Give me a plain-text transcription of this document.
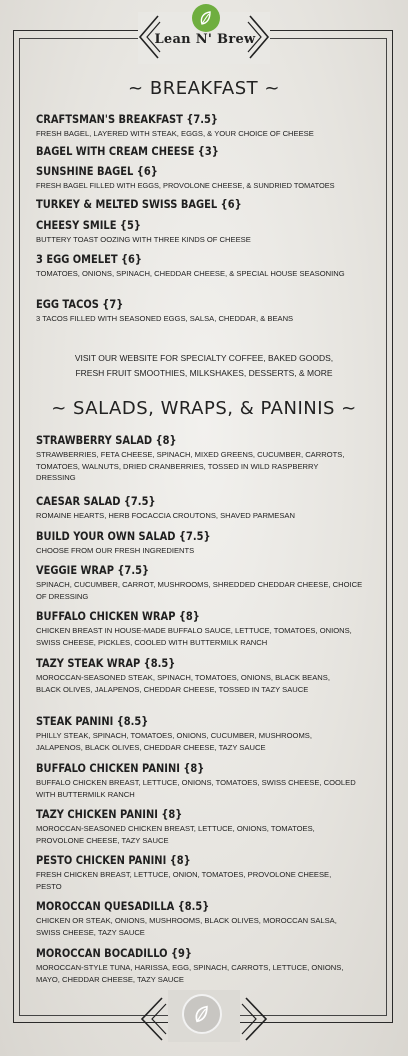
Lean N' Brew
~ BREAKFAST ~
CRAFTSMAN'S BREAKFAST {7.5}
FRESH BAGEL, LAYERED WITH STEAK, EGGS, & YOUR CHOICE OF CHEESE
BAGEL WITH CREAM CHEESE {3}
SUNSHINE BAGEL {6}
FRESH BAGEL FILLED WITH EGGS, PROVOLONE CHEESE, & SUNDRIED TOMATOES
TURKEY & MELTED SWISS BAGEL {6}
CHEESY SMILE {5}
BUTTERY TOAST OOZING WITH THREE KINDS OF CHEESE
3 EGG OMELET {6}
TOMATOES, ONIONS, SPINACH, CHEDDAR CHEESE, & SPECIAL HOUSE SEASONING
EGG TACOS {7}
3 TACOS FILLED WITH SEASONED EGGS, SALSA, CHEDDAR, & BEANS
VISIT OUR WEBSITE FOR SPECIALTY COFFEE, BAKED GOODS,
FRESH FRUIT SMOOTHIES, MILKSHAKES, DESSERTS, & MORE
~ SALADS, WRAPS, & PANINIS ~
STRAWBERRY SALAD {8}
STRAWBERRIES, FETA CHEESE, SPINACH, MIXED GREENS, CUCUMBER, CARROTS, TOMATOES, WALNUTS, DRIED CRANBERRIES, TOSSED IN WILD RASPBERRY DRESSING
CAESAR SALAD {7.5}
ROMAINE HEARTS, HERB FOCACCIA CROUTONS, SHAVED PARMESAN
BUILD YOUR OWN SALAD {7.5}
CHOOSE FROM OUR FRESH INGREDIENTS
VEGGIE WRAP {7.5}
SPINACH, CUCUMBER, CARROT, MUSHROOMS, SHREDDED CHEDDAR CHEESE, CHOICE OF DRESSING
BUFFALO CHICKEN WRAP {8}
CHICKEN BREAST IN HOUSE-MADE BUFFALO SAUCE, LETTUCE, TOMATOES, ONIONS, SWISS CHEESE, PICKLES, COOLED WITH BUTTERMILK RANCH
TAZY STEAK WRAP {8.5}
MOROCCAN-SEASONED STEAK, SPINACH, TOMATOES, ONIONS, BLACK BEANS, BLACK OLIVES, JALAPENOS, CHEDDAR CHEESE, TOSSED IN TAZY SAUCE
STEAK PANINI {8.5}
PHILLY STEAK, SPINACH, TOMATOES, ONIONS, CUCUMBER, MUSHROOMS, JALAPENOS, BLACK OLIVES, CHEDDAR CHEESE, TAZY SAUCE
BUFFALO CHICKEN PANINI {8}
BUFFALO CHICKEN BREAST, LETTUCE, ONIONS, TOMATOES, SWISS CHEESE, COOLED WITH BUTTERMILK RANCH
TAZY CHICKEN PANINI {8}
MOROCCAN-SEASONED CHICKEN BREAST, LETTUCE, ONIONS, TOMATOES, PROVOLONE CHEESE, TAZY SAUCE
PESTO CHICKEN PANINI {8}
FRESH CHICKEN BREAST, LETTUCE, ONION, TOMATOES, PROVOLONE CHEESE, PESTO
MOROCCAN QUESADILLA {8.5}
CHICKEN OR STEAK, ONIONS, MUSHROOMS, BLACK OLIVES, MOROCCAN SALSA, SWISS CHEESE, TAZY SAUCE
MOROCCAN BOCADILLO {9}
MOROCCAN-STYLE TUNA, HARISSA, EGG, SPINACH, CARROTS, LETTUCE, ONIONS, MAYO, CHEDDAR CHEESE, TAZY SAUCE
